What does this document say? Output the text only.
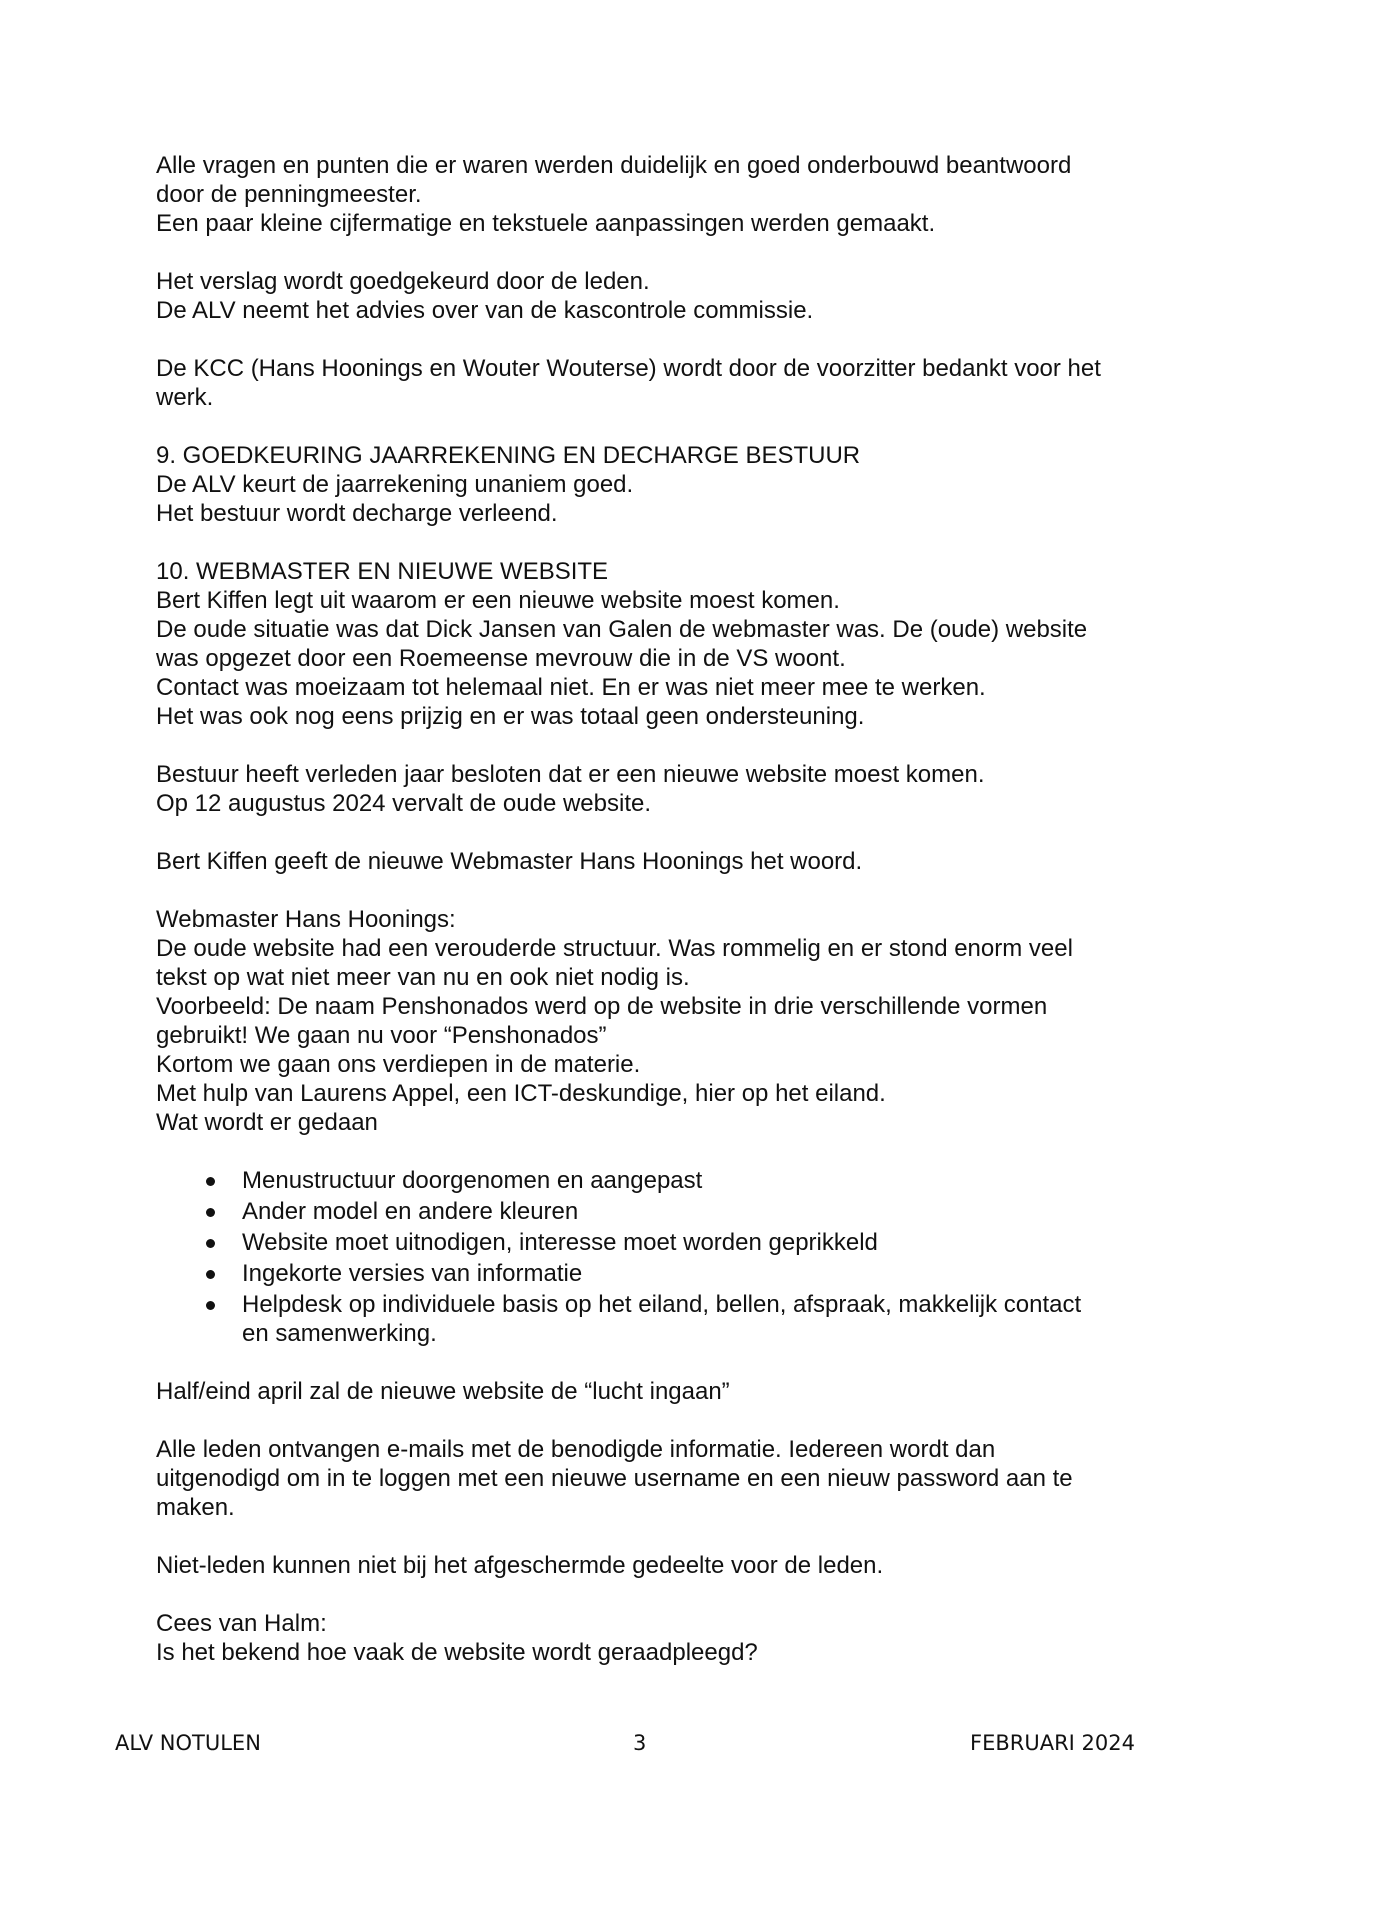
Alle vragen en punten die er waren werden duidelijk en goed onderbouwd beantwoord
door de penningmeester.
Een paar kleine cijfermatige en tekstuele aanpassingen werden gemaakt.
Het verslag wordt goedgekeurd door de leden.
De ALV neemt het advies over van de kascontrole commissie.
De KCC (Hans Hoonings en Wouter Wouterse) wordt door de voorzitter bedankt voor het
werk.
9. GOEDKEURING JAARREKENING EN DECHARGE BESTUUR
De ALV keurt de jaarrekening unaniem goed.
Het bestuur wordt decharge verleend.
10. WEBMASTER EN NIEUWE WEBSITE
Bert Kiffen legt uit waarom er een nieuwe website moest komen.
De oude situatie was dat Dick Jansen van Galen de webmaster was. De (oude) website
was opgezet door een Roemeense mevrouw die in de VS woont.
Contact was moeizaam tot helemaal niet. En er was niet meer mee te werken.
Het was ook nog eens prijzig en er was totaal geen ondersteuning.
Bestuur heeft verleden jaar besloten dat er een nieuwe website moest komen.
Op 12 augustus 2024 vervalt de oude website.
Bert Kiffen geeft de nieuwe Webmaster Hans Hoonings het woord.
Webmaster Hans Hoonings:
De oude website had een verouderde structuur. Was rommelig en er stond enorm veel
tekst op wat niet meer van nu en ook niet nodig is.
Voorbeeld: De naam Penshonados werd op de website in drie verschillende vormen
gebruikt! We gaan nu voor “Penshonados”
Kortom we gaan ons verdiepen in de materie.
Met hulp van Laurens Appel, een ICT-deskundige, hier op het eiland.
Wat wordt er gedaan
Menustructuur doorgenomen en aangepast
Ander model en andere kleuren
Website moet uitnodigen, interesse moet worden geprikkeld
Ingekorte versies van informatie
Helpdesk op individuele basis op het eiland, bellen, afspraak, makkelijk contact
en samenwerking.
Half/eind april zal de nieuwe website de “lucht ingaan”
Alle leden ontvangen e-mails met de benodigde informatie. Iedereen wordt dan
uitgenodigd om in te loggen met een nieuwe username en een nieuw password aan te
maken.
Niet-leden kunnen niet bij het afgeschermde gedeelte voor de leden.
Cees van Halm:
Is het bekend hoe vaak de website wordt geraadpleegd?
ALV NOTULEN	3	FEBRUARI 2024
